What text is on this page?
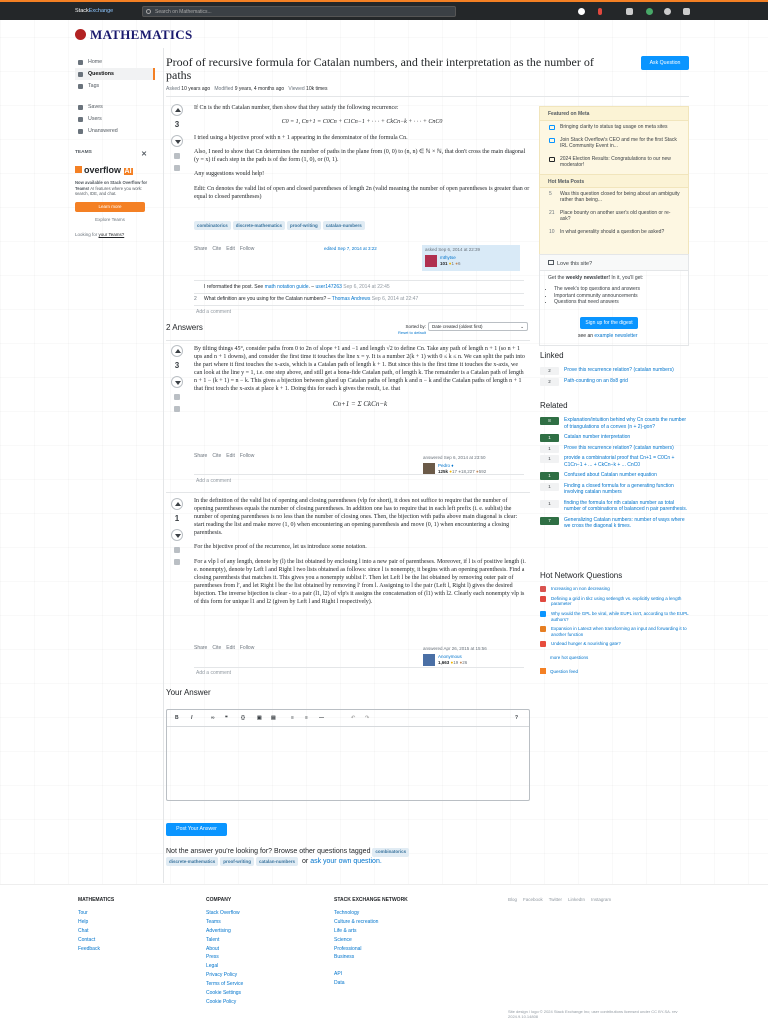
StackExchange	Search on Mathematics...
MATHEMATICS
Home
Questions
Tags
Saves
Users
Unanswered
TEAMS	✕
overflow AI
Now available on Stack Overflow for Teams! AI features where you work: search, IDE, and chat.
Learn more
Explore Teams
Looking for your Teams?
Proof of recursive formula for Catalan numbers, and their interpretation as the number of paths
Ask Question
Asked 10 years ago Modified 9 years, 4 months ago Viewed 10k times
3

If Cn is the nth Catalan number, then show that they satisfy the following recurrence:

C0 = 1, Cn+1 = C0Cn + C1Cn−1 + · · · + CkCn−k + · · · + CnC0

I tried using a bijective proof with n + 1 appearing in the denominator of the formula Cn.

Also, I need to show that Cn determines the number of paths in the plane from (0, 0) to (n, n) ∈ ℕ × ℕ, that don't cross the main diagonal (y = x) if each step in the path is of the form (1, 0), or (0, 1).

Any suggestions would help!

Edit: Cn denotes the valid list of open and closed parentheses of length 2n (valid meaning the number of open parentheses is greater than or equal to closed parentheses)

combinatorics discrete-mathematics proof-writing catalan-numbers
Share Cite Edit Follow	edited Sep 7, 2014 at 3:22	asked Sep 6, 2014 at 22:39
mthytse
101 ●1 ●6
I reformatted the post. See math notation guide. – user147263 Sep 6, 2014 at 22:45
2 What definition are you using for the Catalan numbers? – Thomas Andrews Sep 6, 2014 at 22:47
Add a comment
2 Answers	Sorted by:
Reset to default
Date created (oldest first)	⌄
3

By tilting things 45°, consider paths from 0 to 2n of slope +1 and −1 and length √2 to define Cn. Take any path of length n + 1 (so n + 1 ups and n + 1 downs), and consider the first time it touches the line x = y. It is a number 2(k + 1) with 0 ≤ k ≤ n. We can split the path into the part where it first touches the x-axis, which is a Catalan path of length k + 1. But since this is the first time it touches the x-axis, we can look at the line y = 1, i.e. one step above, and still get a bona-fide Catalan path, of length k. The remainder is a Catalan path of length n + 1 − (k + 1) = n − k. This gives a bijection between glued up Catalan paths of length k and n − k and the Catalan paths of length n + 1 that first touch the x-axis at place k + 1. Doing this for each k gives the result, i.e. that

Cn+1 = Σ CkCn−k
Share Cite Edit Follow	answered Sep 6, 2014 at 23:50
Pedro ♦
125k ●17 ●18,227 ●592
Add a comment
1

In the definition of the valid list of opening and closing parentheses (vlp for short), it does not suffice to require that the number of opening parentheses equals the number of closing parentheses. In addition one has to require that in each left prefix (i. e. sublist) the number of opening parentheses is no less than the number of closing ones. Then, the bijection with paths above main diagonal is clear: start reading the list and make move (1, 0) when encountering an opening parenthesis and move (0, 1) when encountering a closing parenthesis.

For the bijective proof of the recurrence, let us introduce some notation.

For a vlp l of any length, denote by (l) the list obtained by enclosing l into a new pair of parentheses. Moreover, if l is of positive length (i. e. nonempty), denote by Left l and Right l two lists obtained as follows: since l is nonempty, it begins with an opening parenthesis. Find a closing parenthesis that matches it. This gives you a nonempty sublist l′. Then let Left l be the list obtained by removing outer pair of parentheses from l′, and let Right l be the list obtained by removing l′ from l. Assigning to l the pair (Left l, Right l) gives the desired bijection. The inverse bijection is clear - to a pair (l1, l2) of vlp's it assigns the concatenation of (l1) with l2. Clearly each nonempty vlp is of this form for unique l1 and l2 (given by Left l and Right l respectively).

Share Cite Edit Follow	answered Apr 26, 2015 at 15:56
Anonymous
1,663 ●19 ●26
Add a comment
Your Answer
B	I	∞	❝	{}	▣ ▤	≡	≡	—	↶	↷	?
Post Your Answer
Not the answer you're looking for? Browse other questions tagged combinatorics
discrete-mathematics proof-writing catalan-numbers or ask your own question.
Featured on Meta
Bringing clarity to status tag usage on meta sites
Join Stack Overflow's CEO and me for the first Stack IRL Community Event in...
2024 Election Results: Congratulations to our new moderator!
Hot Meta Posts
5 Was this question closed for being about an ambiguity rather than being...
21 Place bounty on another user's old question or re-ask?
10 In what generality should a question be asked?
Love this site?
Get the weekly newsletter! In it, you'll get:
• The week's top questions and answers
• Important community announcements
• Questions that need answers
Sign up for the digest
see an example newsletter
Linked
2	Prove this recurrence relation? (catalan numbers)
2	Path-counting on an 8x8 grid
Related
8	Explanation/intuition behind why Cn counts the number of triangulations of a convex (n + 2)-gon?
1	Catalan number interpretation
1	Prove this recurrence relation? (catalan numbers)
1	provide a combinatorial proof that Cn+1 = C0Cn + C1Cn−1 + ... + CkCn−k + ... CnC0
1	Confused about Catalan number equation
1	Finding a closed formula for a generating function involving catalan numbers
1	finding the formula for nth catalan number as total number of combinations of balanced n pair parenthesis.
7	Generalizing Catalan numbers: number of ways where we cross the diagonal k times.
Hot Network Questions
Increasing xn non decreasing
Defining a grid in tikz using setlength vs. explicitly setting a length parameter
Why would the GPL be viral, while EUPL isn't, according to the EUPL authors?
Expansion in Latex3 when transforming an input and forwarding it to another function
Undead hunger & nourishing gate?
more hot questions
Question feed
MATHEMATICS
Tour
Help
Chat
Contact
Feedback
COMPANY
Stack Overflow
Teams
Advertising
Talent
About
Press
Legal
Privacy Policy
Terms of Service
Cookie Settings
Cookie Policy
STACK EXCHANGE NETWORK
Technology
Culture & recreation
Life & arts
Science
Professional
Business
API
Data
Blog Facebook Twitter LinkedIn Instagram
Site design / logo © 2024 Stack Exchange Inc; user contributions licensed under CC BY-SA. rev 2024.9.10.14808
